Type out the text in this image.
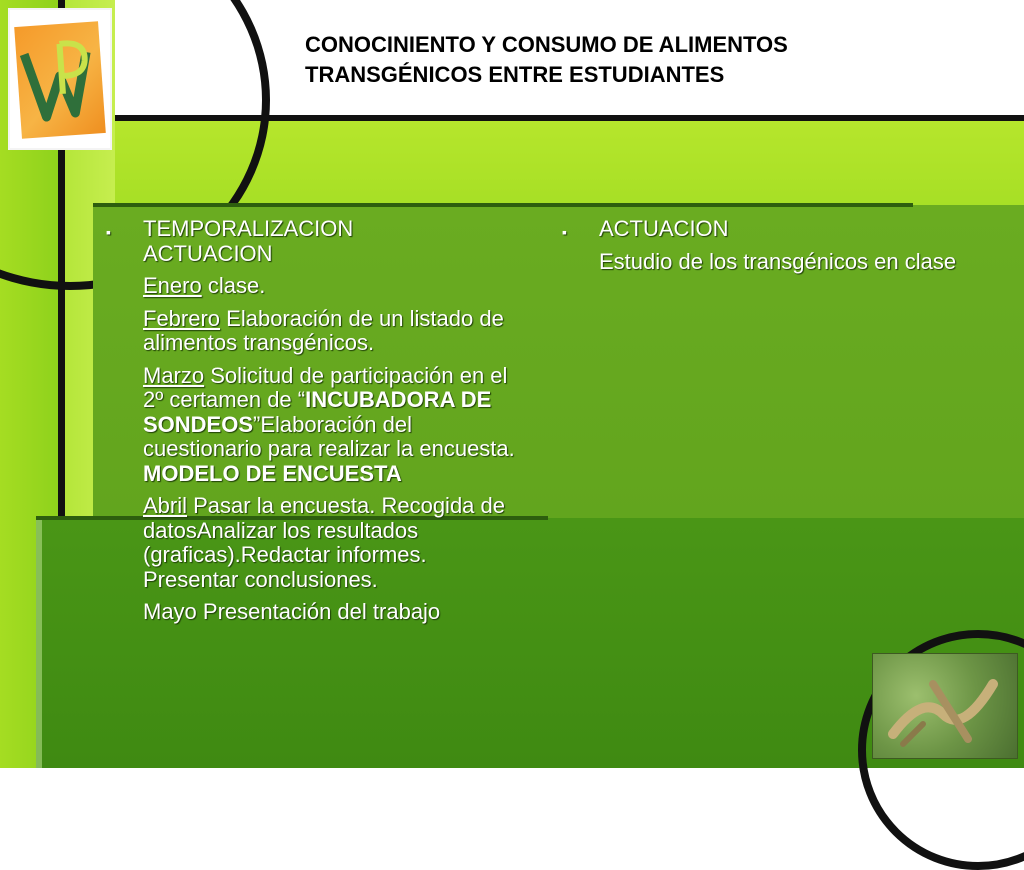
CONOCINIENTO Y CONSUMO DE ALIMENTOS
TRANSGÉNICOS ENTRE ESTUDIANTES
▪ TEMPORALIZACION
ACTUACION
Enero clase.
Febrero Elaboración de un listado de alimentos transgénicos.
Marzo Solicitud de participación en el 2º certamen de “INCUBADORA DE SONDEOS”Elaboración del cuestionario para realizar la encuesta. MODELO DE ENCUESTA
Abril Pasar la encuesta. Recogida de datosAnalizar los resultados (graficas).Redactar informes. Presentar conclusiones.
Mayo Presentación del trabajo
▪ ACTUACION
Estudio de los transgénicos en clase
